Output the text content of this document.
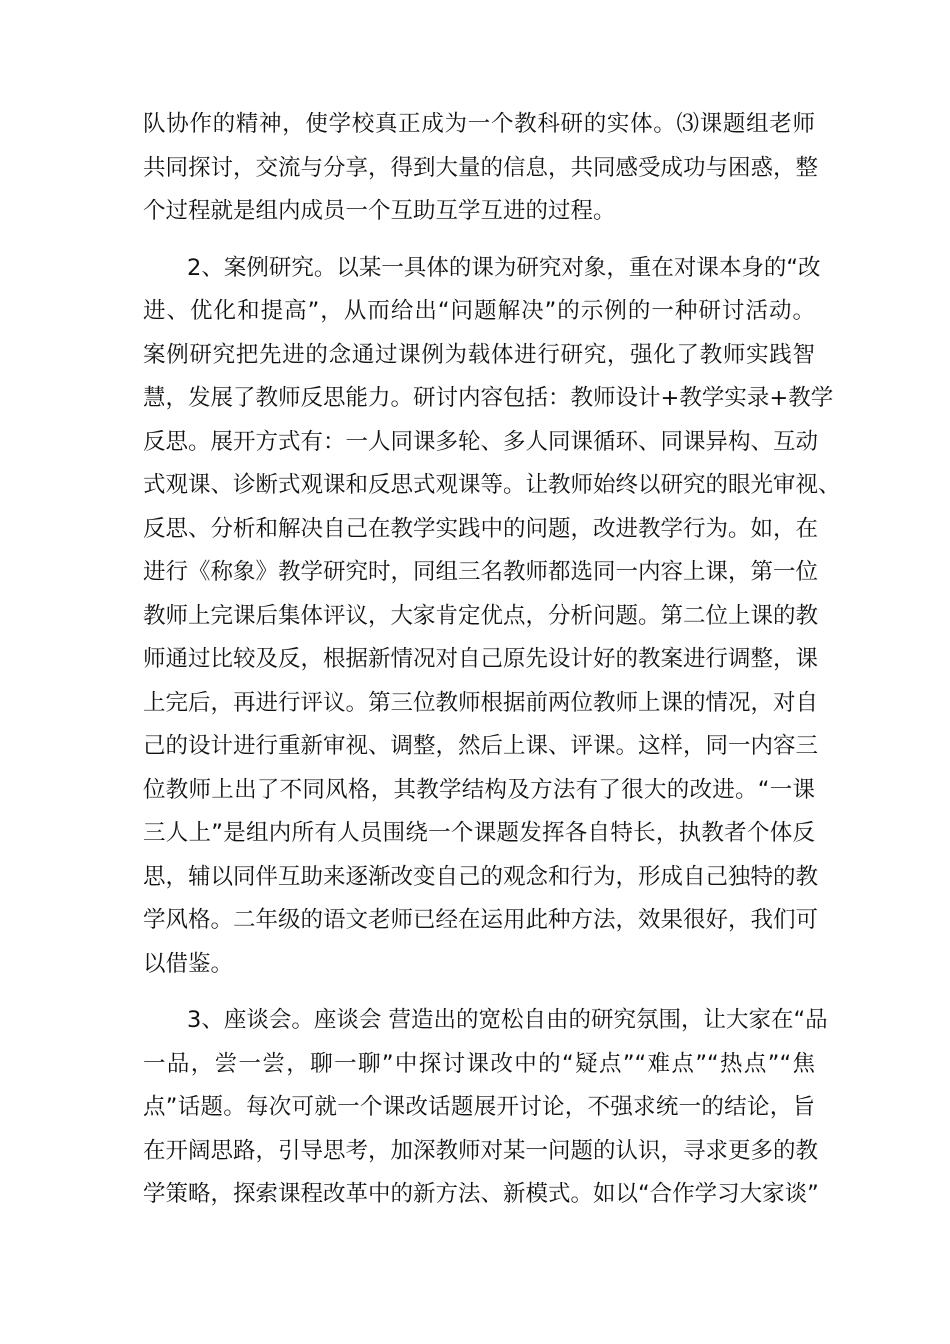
队协作的精神，使学校真正成为一个教科研的实体。⑶课题组老师
共同探讨，交流与分享，得到大量的信息，共同感受成功与困惑，整
个过程就是组内成员一个互助互学互进的过程。
2、案例研究。以某一具体的课为研究对象，重在对课本身的“改
进、优化和提高”，从而给出“问题解决”的示例的一种研讨活动。
案例研究把先进的念通过课例为载体进行研究，强化了教师实践智
慧，发展了教师反思能力。研讨内容包括：教师设计+教学实录+教学
反思。展开方式有：一人同课多轮、多人同课循环、同课异构、互动
式观课、诊断式观课和反思式观课等。让教师始终以研究的眼光审视、
反思、分析和解决自己在教学实践中的问题，改进教学行为。如，在
进行《称象》教学研究时，同组三名教师都选同一内容上课，第一位
教师上完课后集体评议，大家肯定优点，分析问题。第二位上课的教
师通过比较及反，根据新情况对自己原先设计好的教案进行调整，课
上完后，再进行评议。第三位教师根据前两位教师上课的情况，对自
己的设计进行重新审视、调整，然后上课、评课。这样，同一内容三
位教师上出了不同风格，其教学结构及方法有了很大的改进。“一课
三人上”是组内所有人员围绕一个课题发挥各自特长，执教者个体反
思，辅以同伴互助来逐渐改变自己的观念和行为，形成自己独特的教
学风格。二年级的语文老师已经在运用此种方法，效果很好，我们可
以借鉴。
3、座谈会。座谈会 营造出的宽松自由的研究氛围，让大家在“品
一品，尝一尝，聊一聊”中探讨课改中的“疑点”“难点”“热点”“焦
点”话题。每次可就一个课改话题展开讨论，不强求统一的结论，旨
在开阔思路，引导思考，加深教师对某一问题的认识，寻求更多的教
学策略，探索课程改革中的新方法、新模式。如以“合作学习大家谈”
